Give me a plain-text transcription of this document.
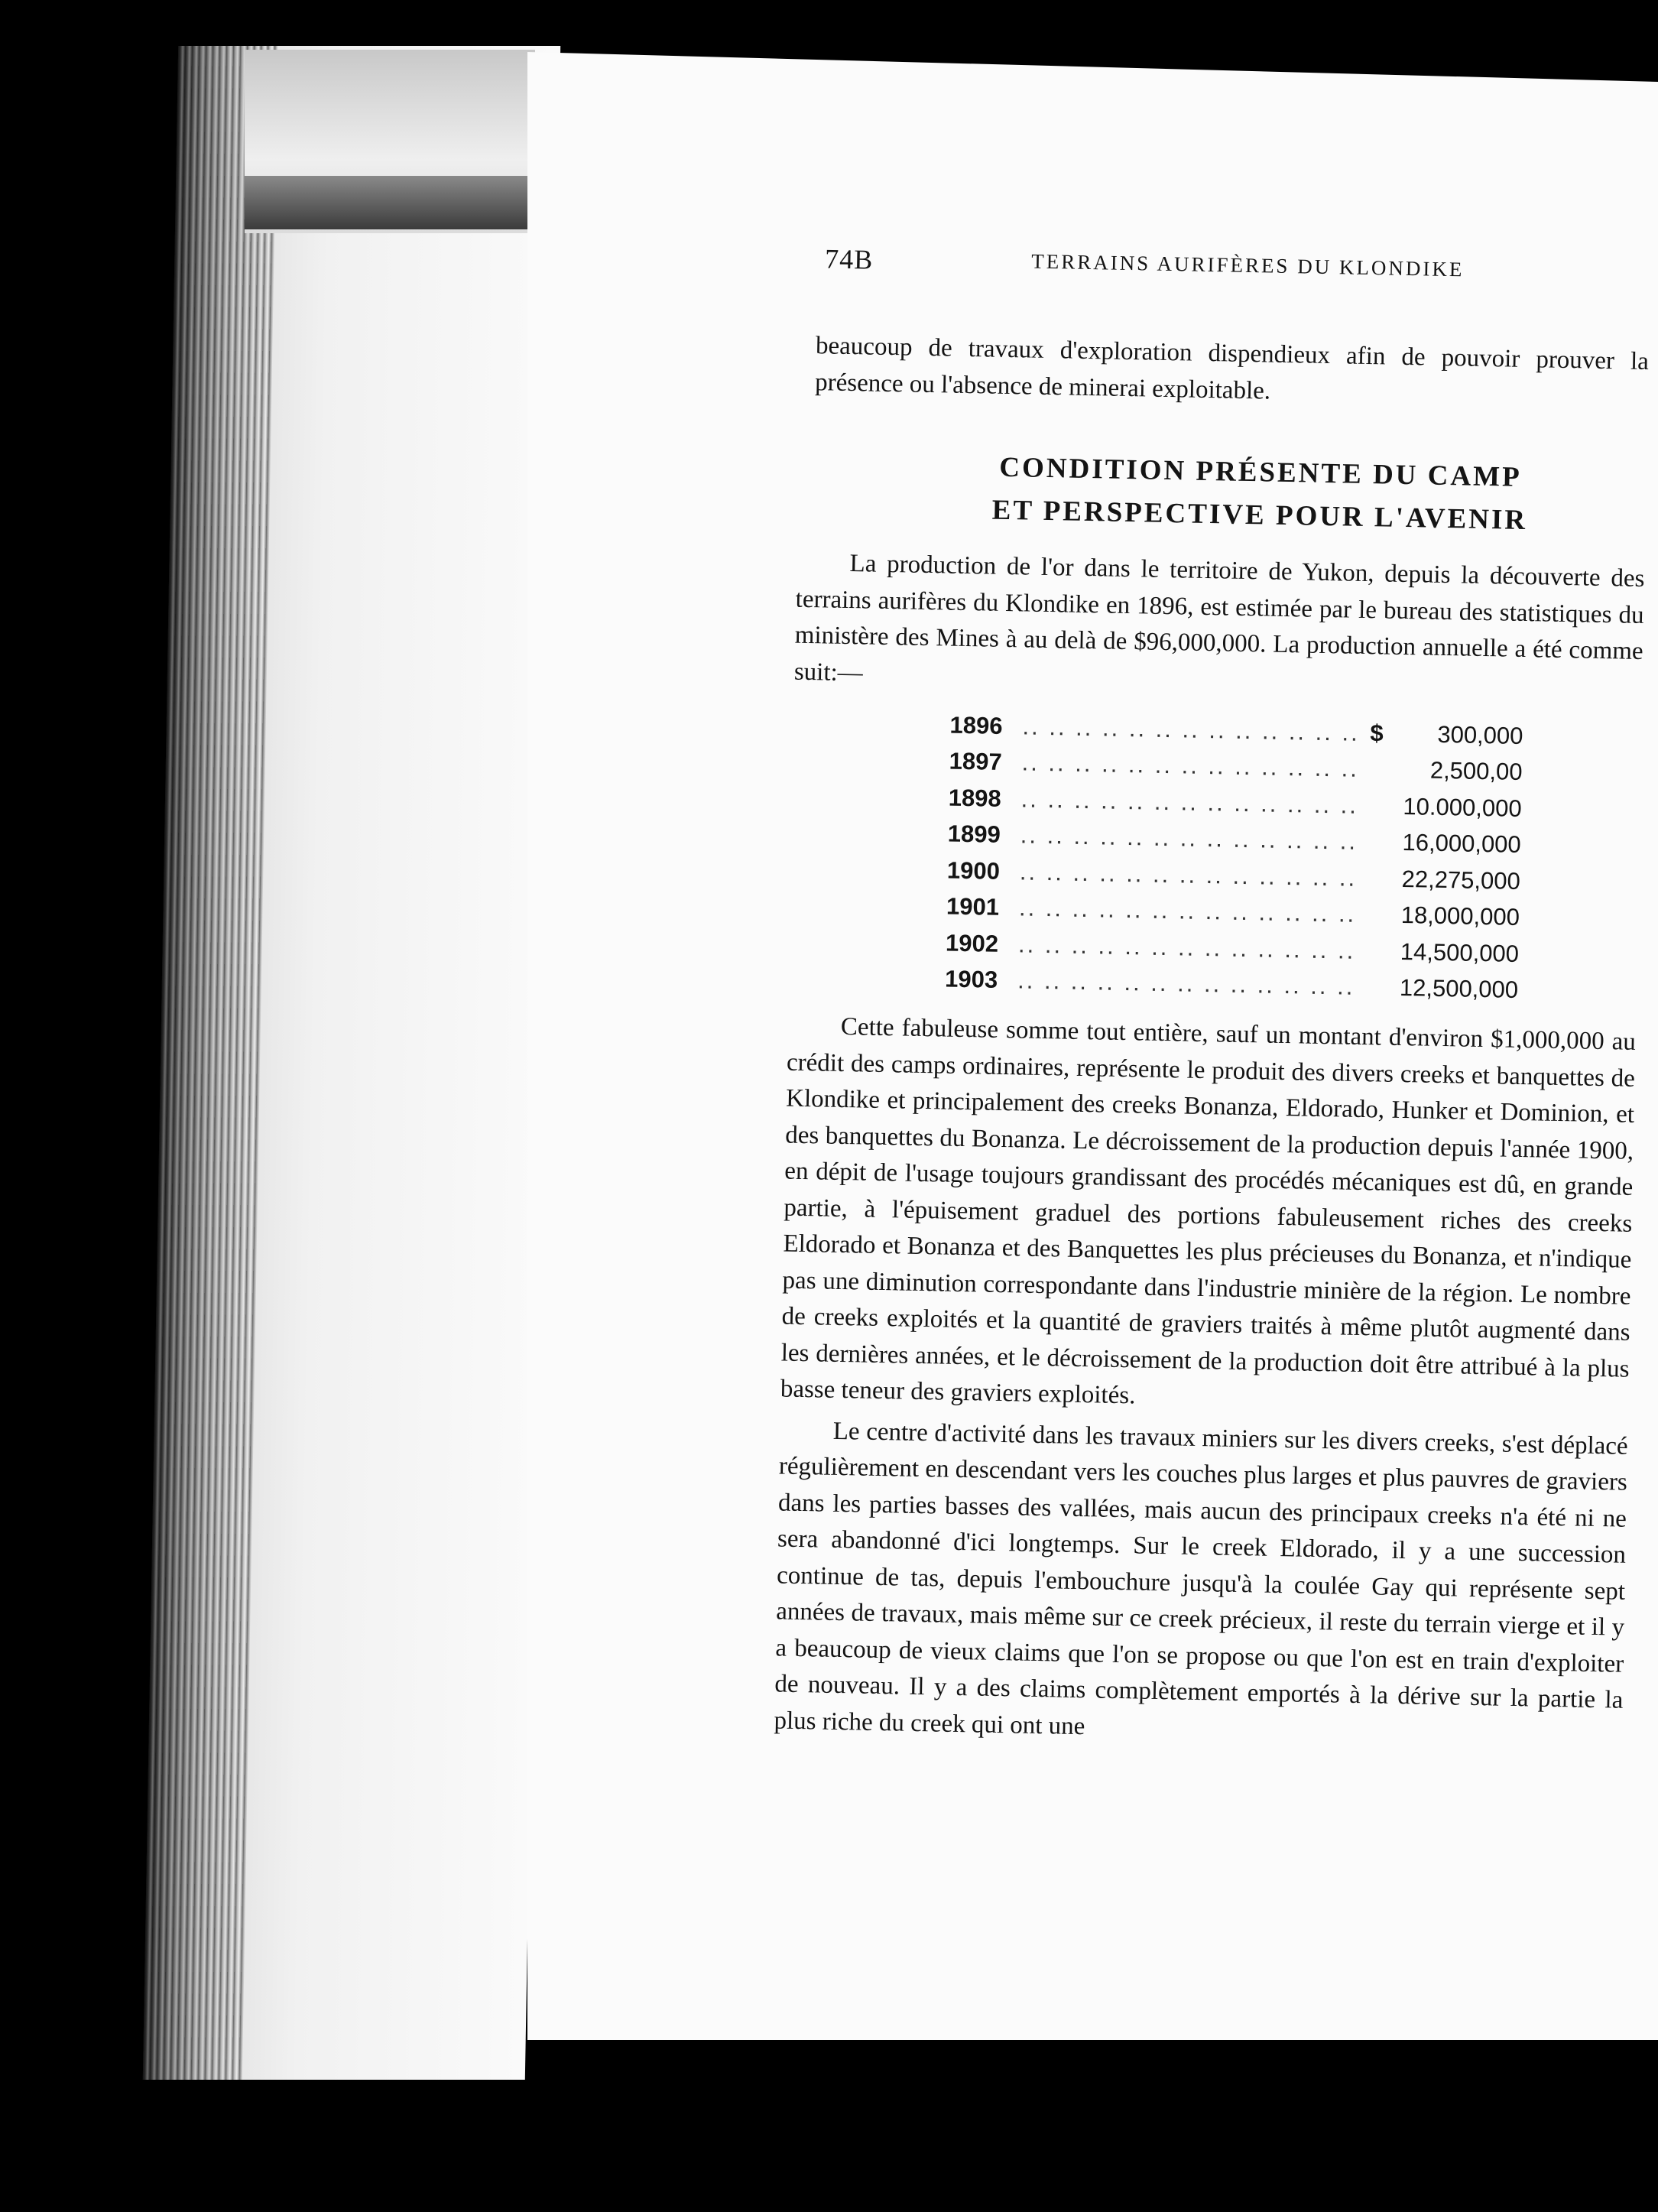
74B	TERRAINS AURIFÈRES DU KLONDIKE

beaucoup de travaux d'exploration dispendieux afin de pouvoir prouver la présence ou l'absence de minerai exploitable.

CONDITION PRÉSENTE DU CAMP
ET PERSPECTIVE POUR L'AVENIR

La production de l'or dans le territoire de Yukon, depuis la découverte des terrains aurifères du Klondike en 1896, est estimée par le bureau des statistiques du ministère des Mines à au delà de $96,000,000. La production annuelle a été comme suit:—

1896	.. .. .. .. .. .. .. .. .. .. .. .. ..	$	300,000
1897	.. .. .. .. .. .. .. .. .. .. .. .. ..		2,500,00
1898	.. .. .. .. .. .. .. .. .. .. .. .. ..		10.000,000
1899	.. .. .. .. .. .. .. .. .. .. .. .. ..		16,000,000
1900	.. .. .. .. .. .. .. .. .. .. .. .. ..		22,275,000
1901	.. .. .. .. .. .. .. .. .. .. .. .. ..		18,000,000
1902	.. .. .. .. .. .. .. .. .. .. .. .. ..		14,500,000
1903	.. .. .. .. .. .. .. .. .. .. .. .. ..		12,500,000

Cette fabuleuse somme tout entière, sauf un montant d'environ $1,000,000 au crédit des camps ordinaires, représente le produit des divers creeks et banquettes de Klondike et principalement des creeks Bonanza, Eldorado, Hunker et Dominion, et des banquettes du Bonanza. Le décroissement de la production depuis l'année 1900, en dépit de l'usage toujours grandissant des procédés mécaniques est dû, en grande partie, à l'épuisement graduel des portions fabuleusement riches des creeks Eldorado et Bonanza et des Banquettes les plus précieuses du Bonanza, et n'indique pas une diminution correspondante dans l'industrie minière de la région. Le nombre de creeks exploités et la quantité de graviers traités à même plutôt augmenté dans les dernières années, et le décroissement de la production doit être attribué à la plus basse teneur des graviers exploités.

Le centre d'activité dans les travaux miniers sur les divers creeks, s'est déplacé régulièrement en descendant vers les couches plus larges et plus pauvres de graviers dans les parties basses des vallées, mais aucun des principaux creeks n'a été ni ne sera abandonné d'ici longtemps. Sur le creek Eldorado, il y a une succession continue de tas, depuis l'embouchure jusqu'à la coulée Gay qui représente sept années de travaux, mais même sur ce creek précieux, il reste du terrain vierge et il y a beaucoup de vieux claims que l'on se propose ou que l'on est en train d'exploiter de nouveau. Il y a des claims complètement emportés à la dérive sur la partie la plus riche du creek qui ont une
